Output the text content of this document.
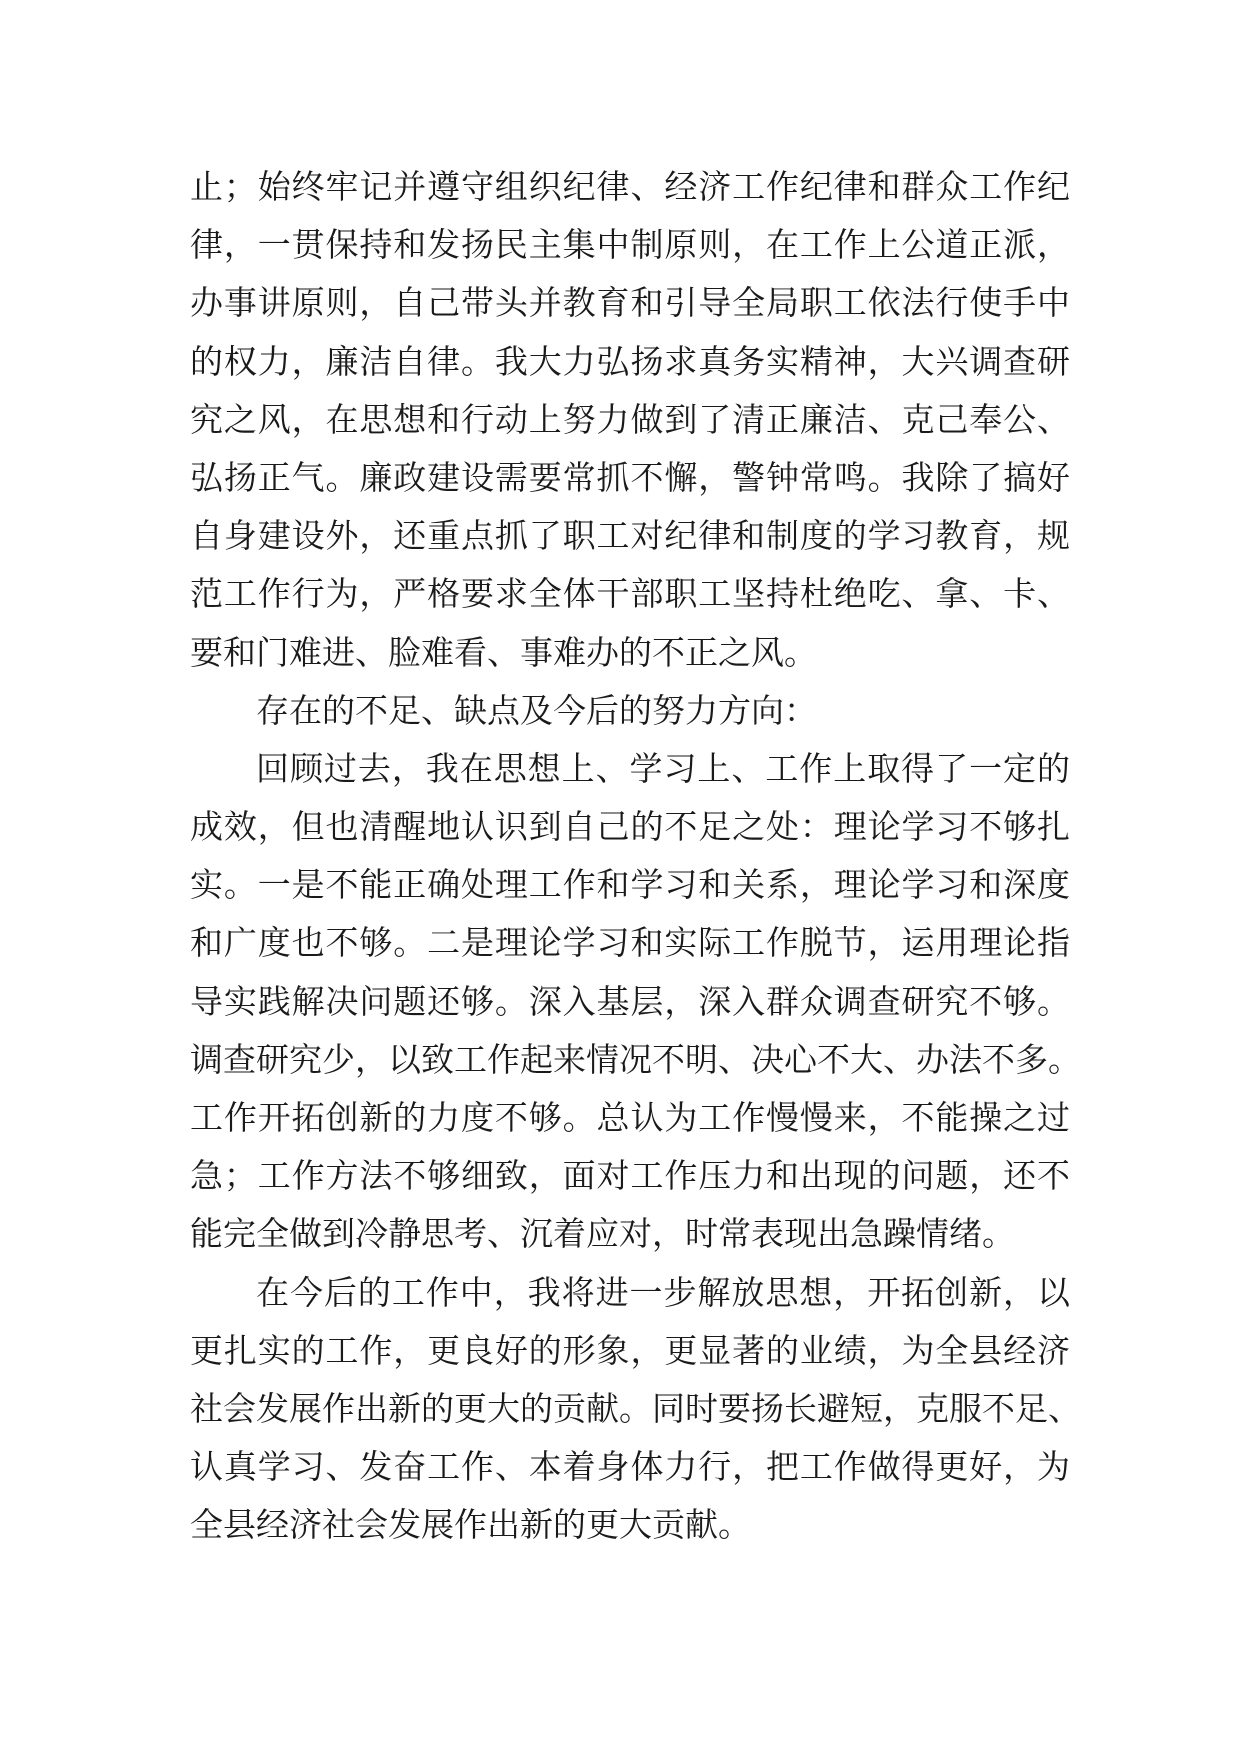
止；始终牢记并遵守组织纪律、经济工作纪律和群众工作纪
律，一贯保持和发扬民主集中制原则，在工作上公道正派，
办事讲原则，自己带头并教育和引导全局职工依法行使手中
的权力，廉洁自律。我大力弘扬求真务实精神，大兴调查研
究之风，在思想和行动上努力做到了清正廉洁、克己奉公、
弘扬正气。廉政建设需要常抓不懈，警钟常鸣。我除了搞好
自身建设外，还重点抓了职工对纪律和制度的学习教育，规
范工作行为，严格要求全体干部职工坚持杜绝吃、拿、卡、
要和门难进、脸难看、事难办的不正之风。
存在的不足、缺点及今后的努力方向：
回顾过去，我在思想上、学习上、工作上取得了一定的
成效，但也清醒地认识到自己的不足之处：理论学习不够扎
实。一是不能正确处理工作和学习和关系，理论学习和深度
和广度也不够。二是理论学习和实际工作脱节，运用理论指
导实践解决问题还够。深入基层，深入群众调查研究不够。
调查研究少，以致工作起来情况不明、决心不大、办法不多。
工作开拓创新的力度不够。总认为工作慢慢来，不能操之过
急；工作方法不够细致，面对工作压力和出现的问题，还不
能完全做到冷静思考、沉着应对，时常表现出急躁情绪。
在今后的工作中，我将进一步解放思想，开拓创新，以
更扎实的工作，更良好的形象，更显著的业绩，为全县经济
社会发展作出新的更大的贡献。同时要扬长避短，克服不足、
认真学习、发奋工作、本着身体力行，把工作做得更好，为
全县经济社会发展作出新的更大贡献。
